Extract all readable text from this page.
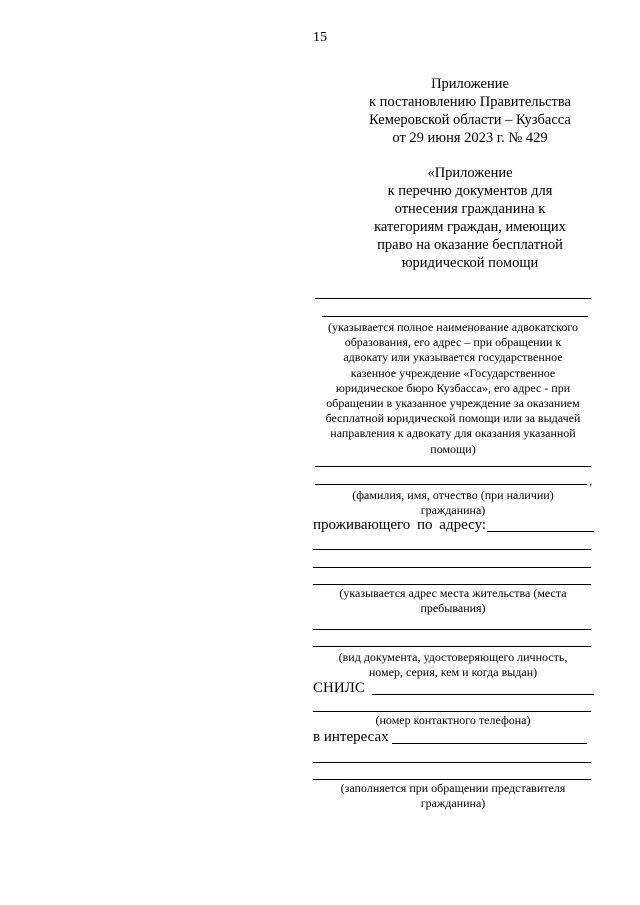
15
Приложение
к постановлению Правительства
Кемеровской области – Кузбасса
от 29 июня 2023 г. № 429
«Приложение
к перечню документов для
отнесения гражданина к
категориям граждан, имеющих
право на оказание бесплатной
юридической помощи
(указывается полное наименование адвокатского
образования, его адрес – при обращении к
адвокату или указывается государственное
казенное учреждение «Государственное
юридическое бюро Кузбасса», его адрес - при
обращении в указанное учреждение за оказанием
бесплатной юридической помощи или за выдачей
направления к адвокату для оказания указанной
помощи)
,
(фамилия, имя, отчество (при наличии)
гражданина)
проживающего по адресу:
(указывается адрес места жительства (места
пребывания)
(вид документа, удостоверяющего личность,
номер, серия, кем и когда выдан)
СНИЛС
(номер контактного телефона)
в интересах
(заполняется при обращении представителя
гражданина)
